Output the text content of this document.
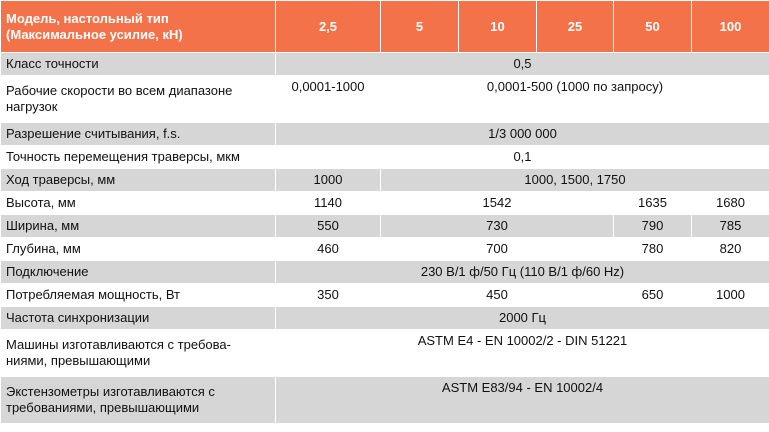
Модель, настольный тип
(Максимальное усилие, кН)	2,5	5	10	25	50	100
Класс точности	0,5					
Рабочие скорости во всем диапазоне
нагрузок	0,0001-1000	0,0001-500 (1000 по запросу)				
Разрешение считывания, f.s.	1/3 000 000					
Точность перемещения траверсы, мкм	0,1					
Ход траверсы, мм	1000	1000, 1500, 1750				
Высота, мм	1140	1542			1635	1680
Ширина, мм	550	730			790	785
Глубина, мм	460	700			780	820
Подключение	230 В/1 ф/50 Гц (110 В/1 ф/60 Hz)					
Потребляемая мощность, Вт	350	450			650	1000
Частота синхронизации	2000 Гц					
Машины изготавливаются с требова-
ниями, превышающими	ASTM E4 - EN 10002/2 - DIN 51221					
Экстензометры изготавливаются с
требованиями, превышающими	ASTM E83/94 - EN 10002/4					
